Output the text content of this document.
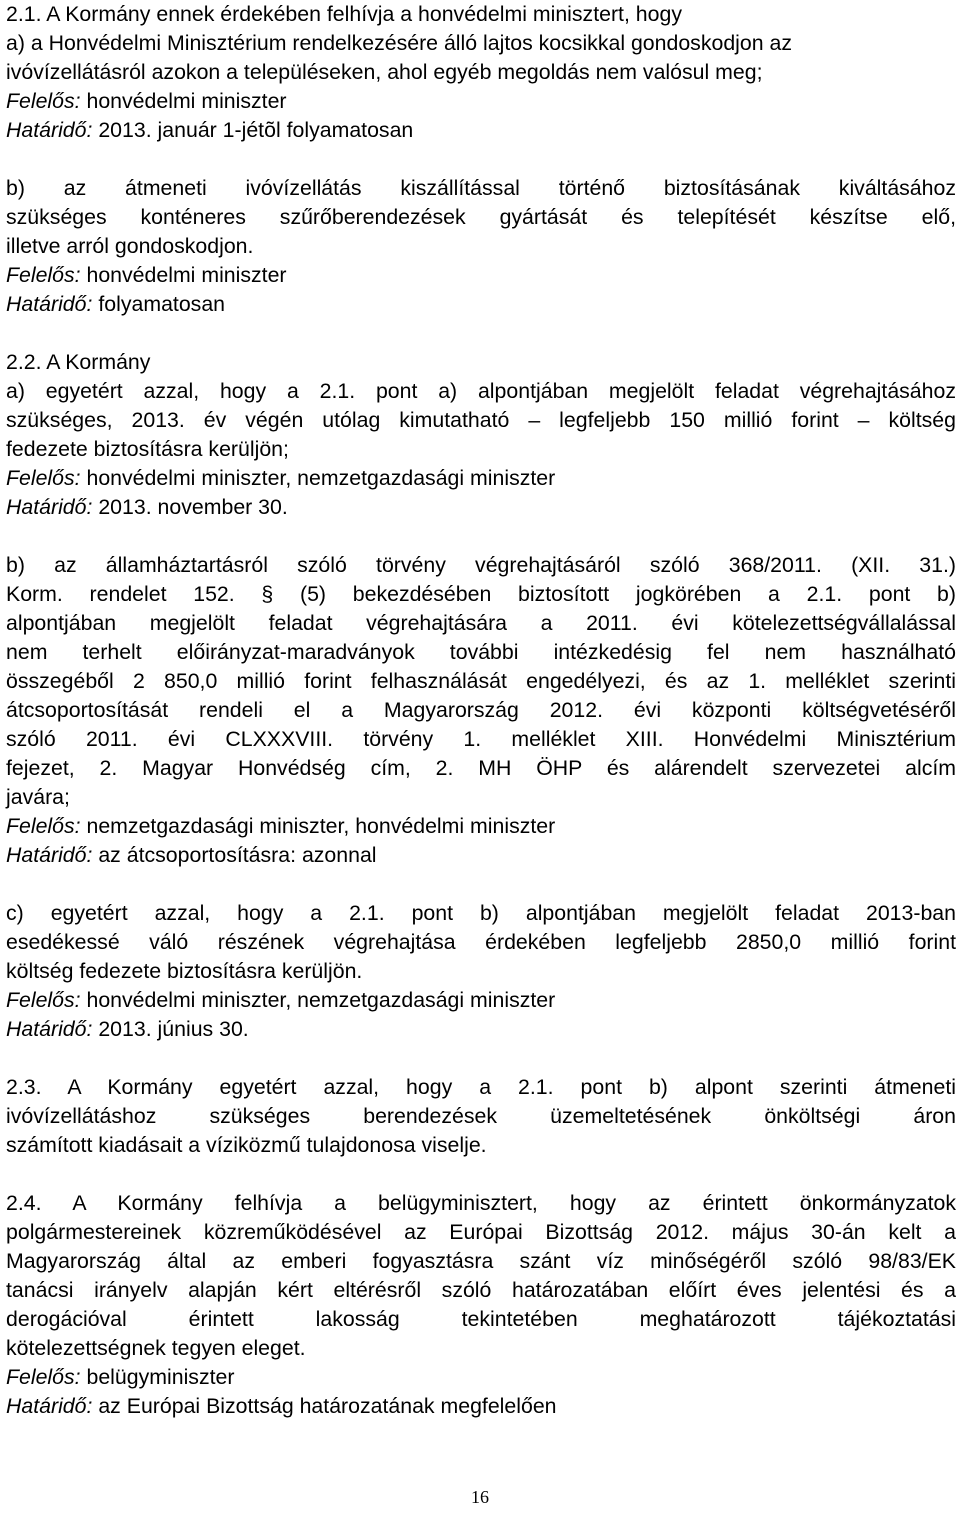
2.1. A Kormány ennek érdekében felhívja a honvédelmi minisztert, hogy
a) a Honvédelmi Minisztérium rendelkezésére álló lajtos kocsikkal gondoskodjon az
ivóvízellátásról azokon a településeken, ahol egyéb megoldás nem valósul meg;
Felelős: honvédelmi miniszter
Határidő: 2013. január 1-jétõl folyamatosan
b) az átmeneti ivóvízellátás kiszállítással történő biztosításának kiváltásához
szükséges konténeres szűrőberendezések gyártását és telepítését készítse elő,
illetve arról gondoskodjon.
Felelős: honvédelmi miniszter
Határidő: folyamatosan
2.2. A Kormány
a) egyetért azzal, hogy a 2.1. pont a) alpontjában megjelölt feladat végrehajtásához
szükséges, 2013. év végén utólag kimutatható – legfeljebb 150 millió forint – költség
fedezete biztosításra kerüljön;
Felelős: honvédelmi miniszter, nemzetgazdasági miniszter
Határidő: 2013. november 30.
b) az államháztartásról szóló törvény végrehajtásáról szóló 368/2011. (XII. 31.)
Korm. rendelet 152. § (5) bekezdésében biztosított jogkörében a 2.1. pont b)
alpontjában megjelölt feladat végrehajtására a 2011. évi kötelezettségvállalással
nem terhelt előirányzat-maradványok további intézkedésig fel nem használható
összegéből 2 850,0 millió forint felhasználását engedélyezi, és az 1. melléklet szerinti
átcsoportosítását rendeli el a Magyarország 2012. évi központi költségvetéséről
szóló 2011. évi CLXXXVIII. törvény 1. melléklet XIII. Honvédelmi Minisztérium
fejezet, 2. Magyar Honvédség cím, 2. MH ÖHP és alárendelt szervezetei alcím
javára;
Felelős: nemzetgazdasági miniszter, honvédelmi miniszter
Határidő: az átcsoportosításra: azonnal
c) egyetért azzal, hogy a 2.1. pont b) alpontjában megjelölt feladat 2013-ban
esedékessé váló részének végrehajtása érdekében legfeljebb 2850,0 millió forint
költség fedezete biztosításra kerüljön.
Felelős: honvédelmi miniszter, nemzetgazdasági miniszter
Határidő: 2013. június 30.
2.3. A Kormány egyetért azzal, hogy a 2.1. pont b) alpont szerinti átmeneti
ivóvízellátáshoz szükséges berendezések üzemeltetésének önköltségi áron
számított kiadásait a víziközmű tulajdonosa viselje.
2.4. A Kormány felhívja a belügyminisztert, hogy az érintett önkormányzatok
polgármestereinek közreműködésével az Európai Bizottság 2012. május 30-án kelt a
Magyarország által az emberi fogyasztásra szánt víz minőségéről szóló 98/83/EK
tanácsi irányelv alapján kért eltérésről szóló határozatában előírt éves jelentési és a
derogációval érintett lakosság tekintetében meghatározott tájékoztatási
kötelezettségnek tegyen eleget.
Felelős: belügyminiszter
Határidő: az Európai Bizottság határozatának megfelelően
16
